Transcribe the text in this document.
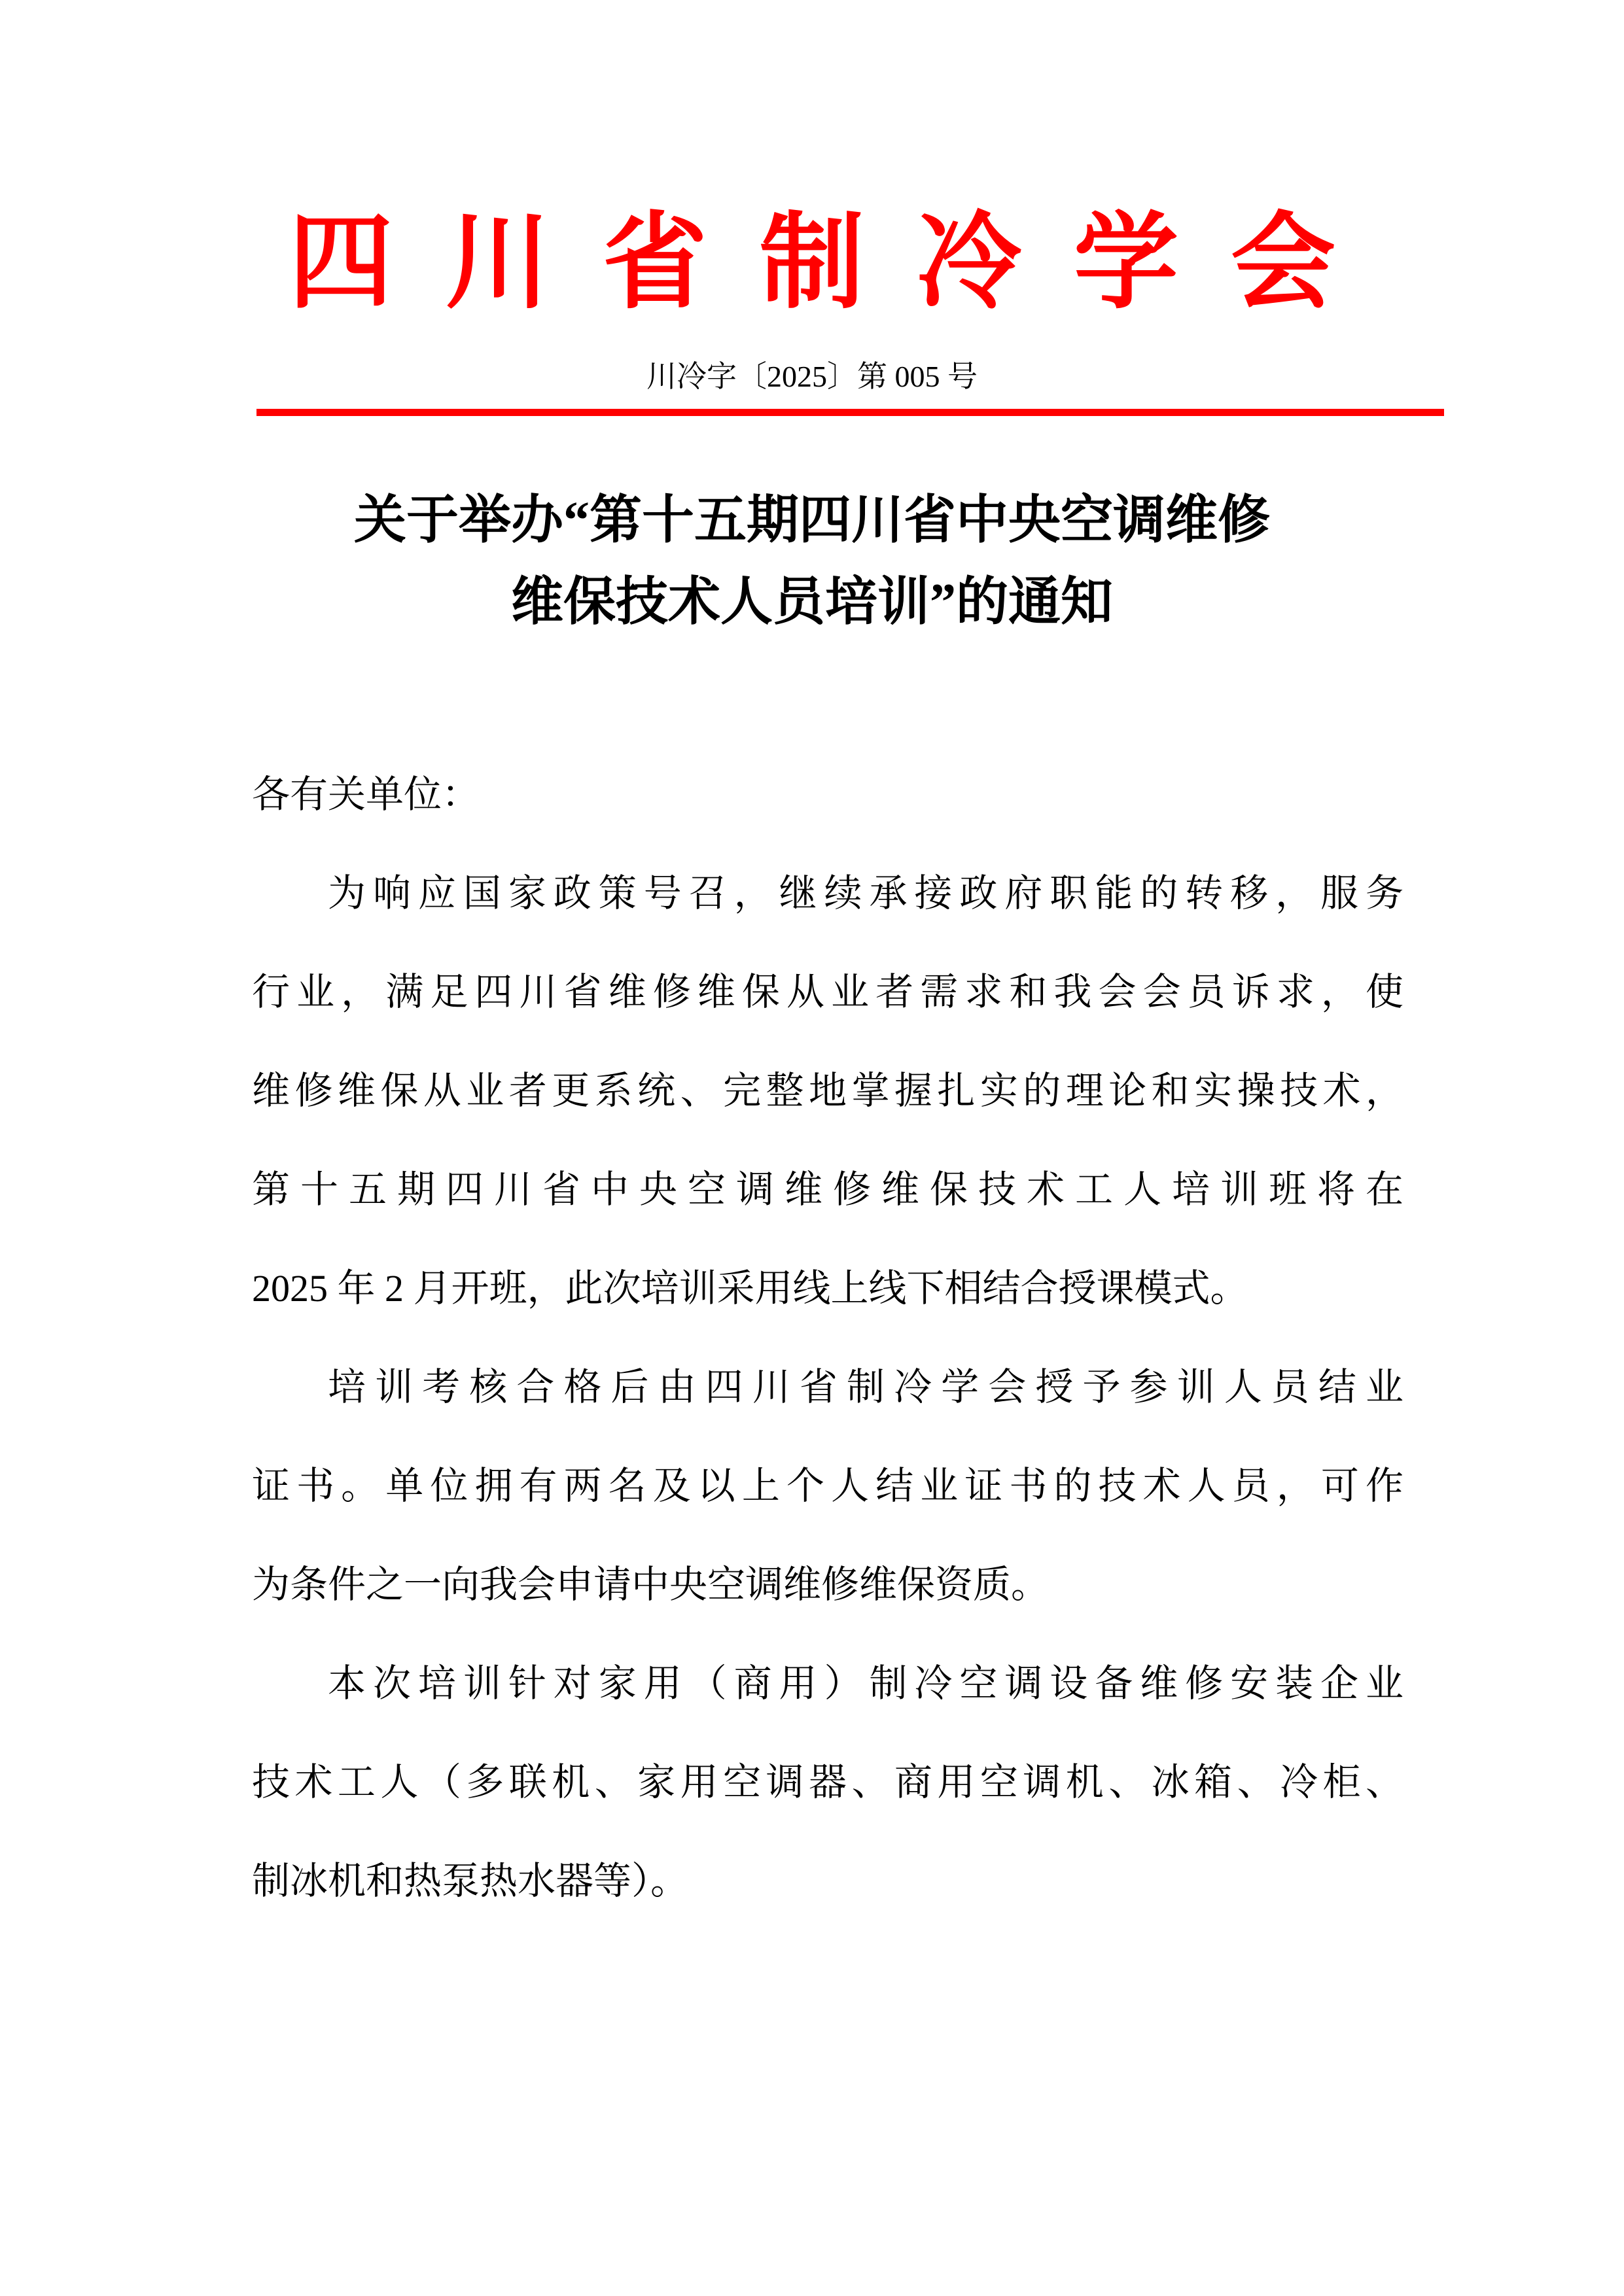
四川省制冷学会
川冷字〔2025〕第 005 号
关于举办“第十五期四川省中央空调维修
维保技术人员培训”的通知
各有关单位：
为响应国家政策号召，继续承接政府职能的转移，服务
行业，满足四川省维修维保从业者需求和我会会员诉求，使
维修维保从业者更系统、完整地掌握扎实的理论和实操技术，
第十五期四川省中央空调维修维保技术工人培训班将在
2025 年 2 月开班，此次培训采用线上线下相结合授课模式。
培训考核合格后由四川省制冷学会授予参训人员结业
证书。单位拥有两名及以上个人结业证书的技术人员，可作
为条件之一向我会申请中央空调维修维保资质。
本次培训针对家用（商用）制冷空调设备维修安装企业
技术工人（多联机、家用空调器、商用空调机、冰箱、冷柜、
制冰机和热泵热水器等）。
